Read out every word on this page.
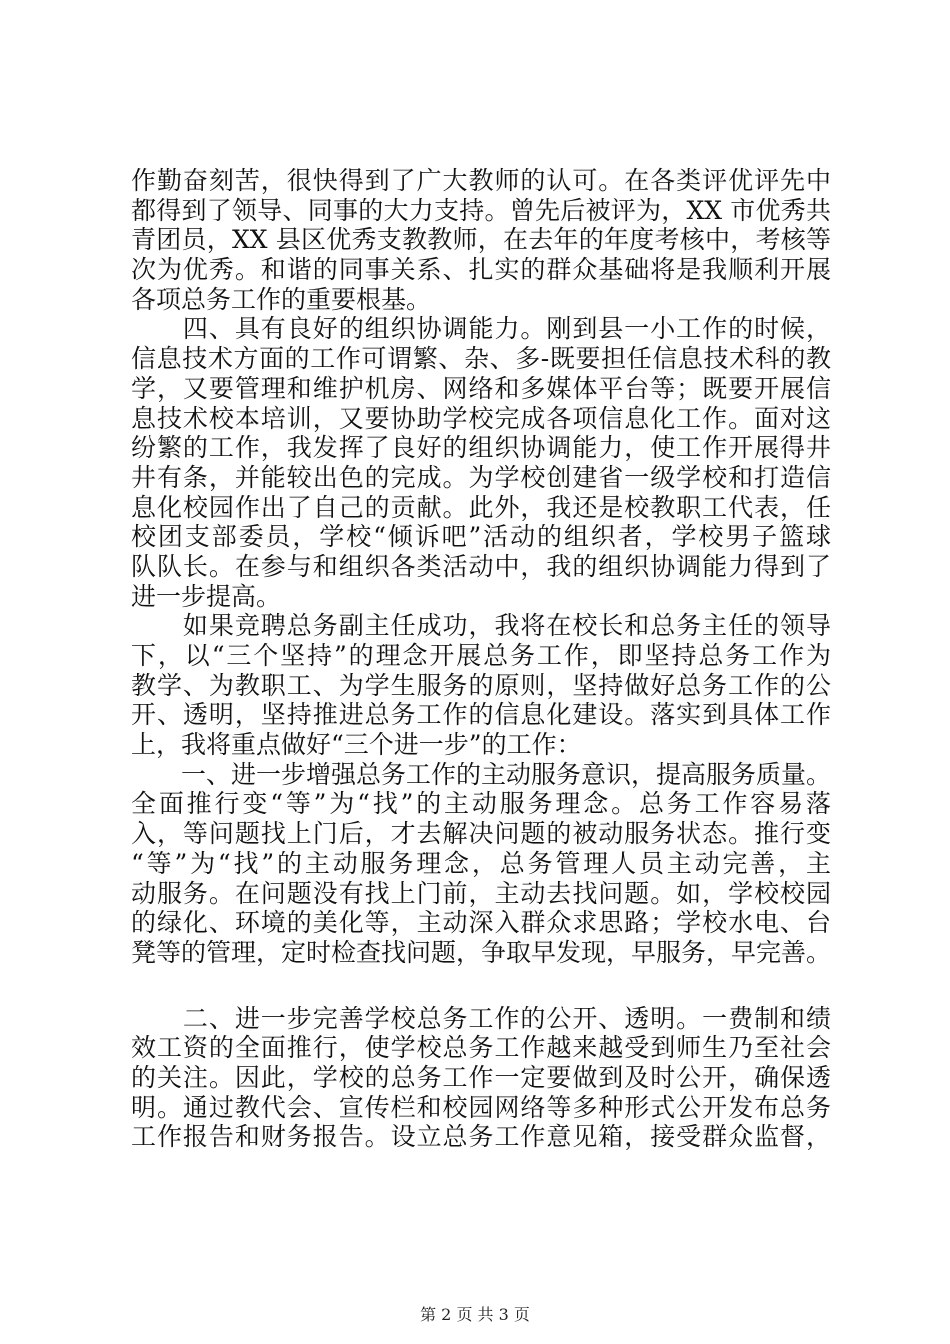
作勤奋刻苦，很快得到了广大教师的认可。在各类评优评先中
都得到了领导、同事的大力支持。曾先后被评为，XX 市优秀共
青团员，XX 县区优秀支教教师，在去年的年度考核中，考核等
次为优秀。和谐的同事关系、扎实的群众基础将是我顺利开展
各项总务工作的重要根基。
　　四、具有良好的组织协调能力。刚到县一小工作的时候，
信息技术方面的工作可谓繁、杂、多-既要担任信息技术科的教
学，又要管理和维护机房、网络和多媒体平台等；既要开展信
息技术校本培训，又要协助学校完成各项信息化工作。面对这
纷繁的工作，我发挥了良好的组织协调能力，使工作开展得井
井有条，并能较出色的完成。为学校创建省一级学校和打造信
息化校园作出了自己的贡献。此外，我还是校教职工代表，任
校团支部委员，学校“倾诉吧”活动的组织者，学校男子篮球
队队长。在参与和组织各类活动中，我的组织协调能力得到了
进一步提高。
　　如果竞聘总务副主任成功，我将在校长和总务主任的领导
下，以“三个坚持”的理念开展总务工作，即坚持总务工作为
教学、为教职工、为学生服务的原则，坚持做好总务工作的公
开、透明，坚持推进总务工作的信息化建设。落实到具体工作
上，我将重点做好“三个进一步”的工作：
　　一、进一步增强总务工作的主动服务意识，提高服务质量。
全面推行变“等”为“找”的主动服务理念。总务工作容易落
入，等问题找上门后，才去解决问题的被动服务状态。推行变
“等”为“找”的主动服务理念，总务管理人员主动完善，主
动服务。在问题没有找上门前，主动去找问题。如，学校校园
的绿化、环境的美化等，主动深入群众求思路；学校水电、台
凳等的管理，定时检查找问题，争取早发现，早服务，早完善。
　　二、进一步完善学校总务工作的公开、透明。一费制和绩
效工资的全面推行，使学校总务工作越来越受到师生乃至社会
的关注。因此，学校的总务工作一定要做到及时公开，确保透
明。通过教代会、宣传栏和校园网络等多种形式公开发布总务
工作报告和财务报告。设立总务工作意见箱，接受群众监督，
第 2 页 共 3 页
